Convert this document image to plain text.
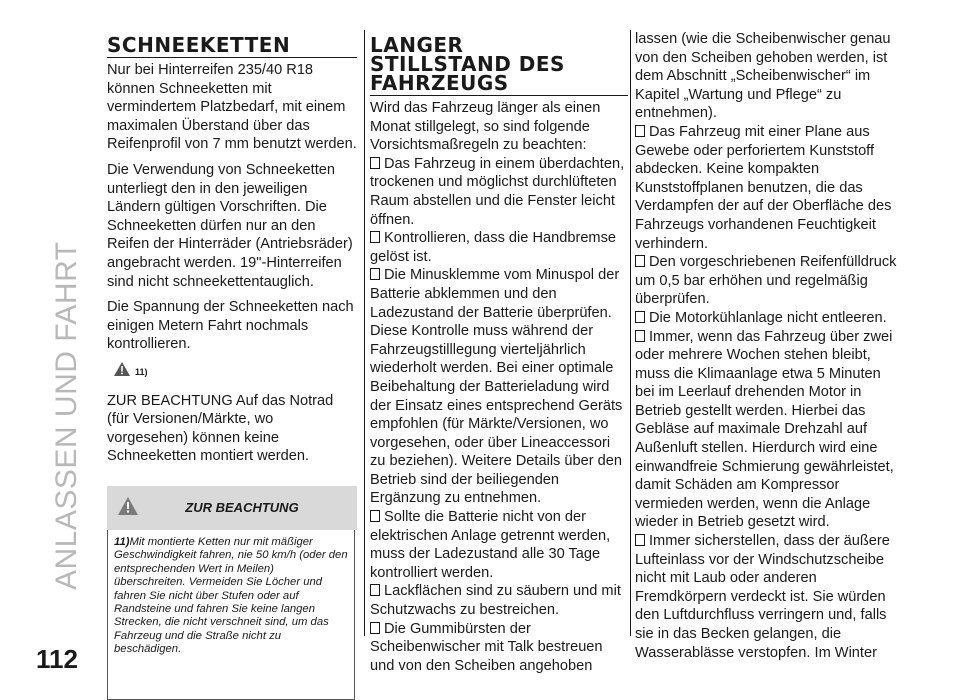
ANLASSEN UND FAHRT
112
SCHNEEKETTEN

Nur bei Hinterreifen 235/40 R18 können Schneeketten mit vermindertem Platzbedarf, mit einem maximalen Überstand über das Reifenprofil von 7 mm benutzt werden.

Die Verwendung von Schneeketten unterliegt den in den jeweiligen Ländern gültigen Vorschriften. Die Schneeketten dürfen nur an den Reifen der Hinterräder (Antriebsräder) angebracht werden. 19"-Hinterreifen sind nicht schneekettentauglich.

Die Spannung der Schneeketten nach einigen Metern Fahrt nochmals kontrollieren.

11)

ZUR BEACHTUNG Auf das Notrad (für Versionen/Märkte, wo vorgesehen) können keine Schneeketten montiert werden.

ZUR BEACHTUNG
11)Mit montierte Ketten nur mit mäßiger Geschwindigkeit fahren, nie 50 km/h (oder den entsprechenden Wert in Meilen) überschreiten. Vermeiden Sie Löcher und fahren Sie nicht über Stufen oder auf Randsteine und fahren Sie keine langen Strecken, die nicht verschneit sind, um das Fahrzeug und die Straße nicht zu beschädigen.
LANGER
STILLSTAND DES
FAHRZEUGS

Wird das Fahrzeug länger als einen Monat stillgelegt, so sind folgende Vorsichtsmaßregeln zu beachten:

Das Fahrzeug in einem überdachten, trockenen und möglichst durchlüfteten Raum abstellen und die Fenster leicht öffnen.

Kontrollieren, dass die Handbremse gelöst ist.

Die Minusklemme vom Minuspol der Batterie abklemmen und den Ladezustand der Batterie überprüfen. Diese Kontrolle muss während der Fahrzeugstilllegung vierteljährlich wiederholt werden. Bei einer optimale Beibehaltung der Batterieladung wird der Einsatz eines entsprechend Geräts empfohlen (für Märkte/Versionen, wo vorgesehen, oder über Lineaccessori zu beziehen). Weitere Details über den Betrieb sind der beiliegenden Ergänzung zu entnehmen.

Sollte die Batterie nicht von der elektrischen Anlage getrennt werden, muss der Ladezustand alle 30 Tage kontrolliert werden.

Lackflächen sind zu säubern und mit Schutzwachs zu bestreichen.

Die Gummibürsten der Scheibenwischer mit Talk bestreuen und von den Scheiben angehoben

lassen (wie die Scheibenwischer genau von den Scheiben gehoben werden, ist dem Abschnitt „Scheibenwischer“ im Kapitel „Wartung und Pflege“ zu entnehmen).

Das Fahrzeug mit einer Plane aus Gewebe oder perforiertem Kunststoff abdecken. Keine kompakten Kunststoffplanen benutzen, die das Verdampfen der auf der Oberfläche des Fahrzeugs vorhandenen Feuchtigkeit verhindern.

Den vorgeschriebenen Reifenfülldruck um 0,5 bar erhöhen und regelmäßig überprüfen.

Die Motorkühlanlage nicht entleeren.

Immer, wenn das Fahrzeug über zwei oder mehrere Wochen stehen bleibt, muss die Klimaanlage etwa 5 Minuten bei im Leerlauf drehenden Motor in Betrieb gestellt werden. Hierbei das Gebläse auf maximale Drehzahl auf Außenluft stellen. Hierdurch wird eine einwandfreie Schmierung gewährleistet, damit Schäden am Kompressor vermieden werden, wenn die Anlage wieder in Betrieb gesetzt wird.

Immer sicherstellen, dass der äußere Lufteinlass vor der Windschutzscheibe nicht mit Laub oder anderen Fremdkörpern verdeckt ist. Sie würden den Luftdurchfluss verringern und, falls sie in das Becken gelangen, die Wasserablässe verstopfen. Im Winter
